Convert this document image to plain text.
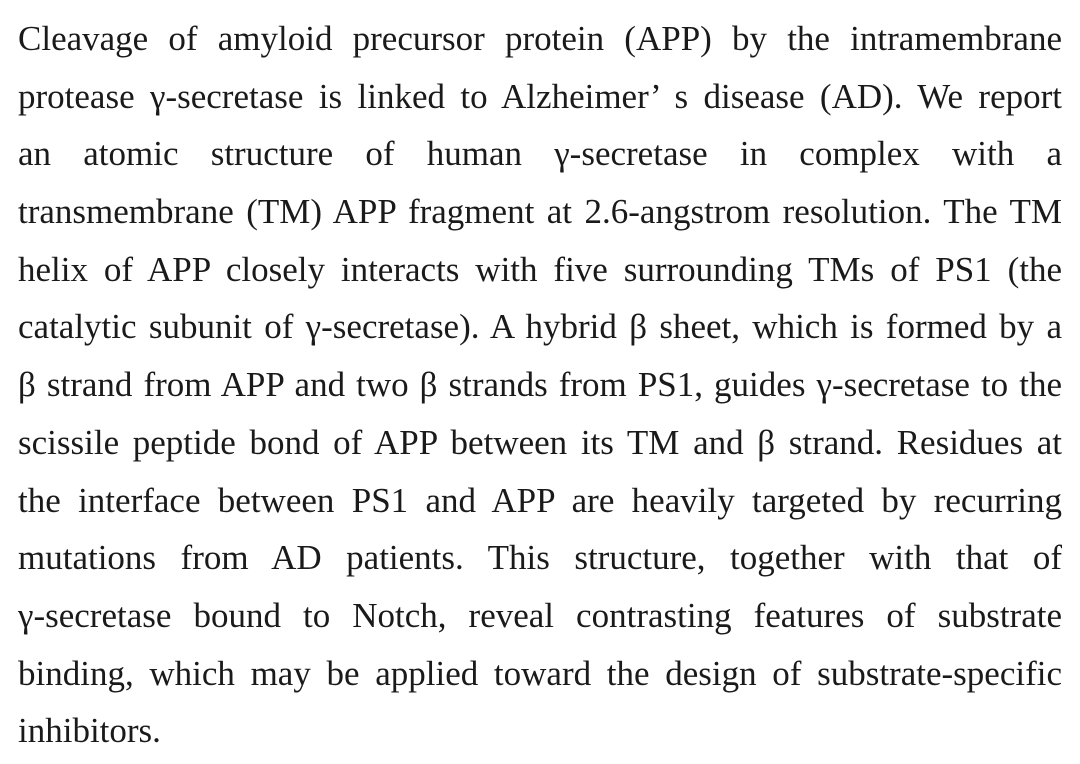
Cleavage of amyloid precursor protein (APP) by the intramembrane
protease γ-secretase is linked to Alzheimer’ s disease (AD). We report
an atomic structure of human γ-secretase in complex with a
transmembrane (TM) APP fragment at 2.6-angstrom resolution. The TM
helix of APP closely interacts with five surrounding TMs of PS1 (the
catalytic subunit of γ-secretase). A hybrid β sheet, which is formed by a
β strand from APP and two β strands from PS1, guides γ-secretase to the
scissile peptide bond of APP between its TM and β strand. Residues at
the interface between PS1 and APP are heavily targeted by recurring
mutations from AD patients. This structure, together with that of
γ-secretase bound to Notch, reveal contrasting features of substrate
binding, which may be applied toward the design of substrate-specific
inhibitors.
